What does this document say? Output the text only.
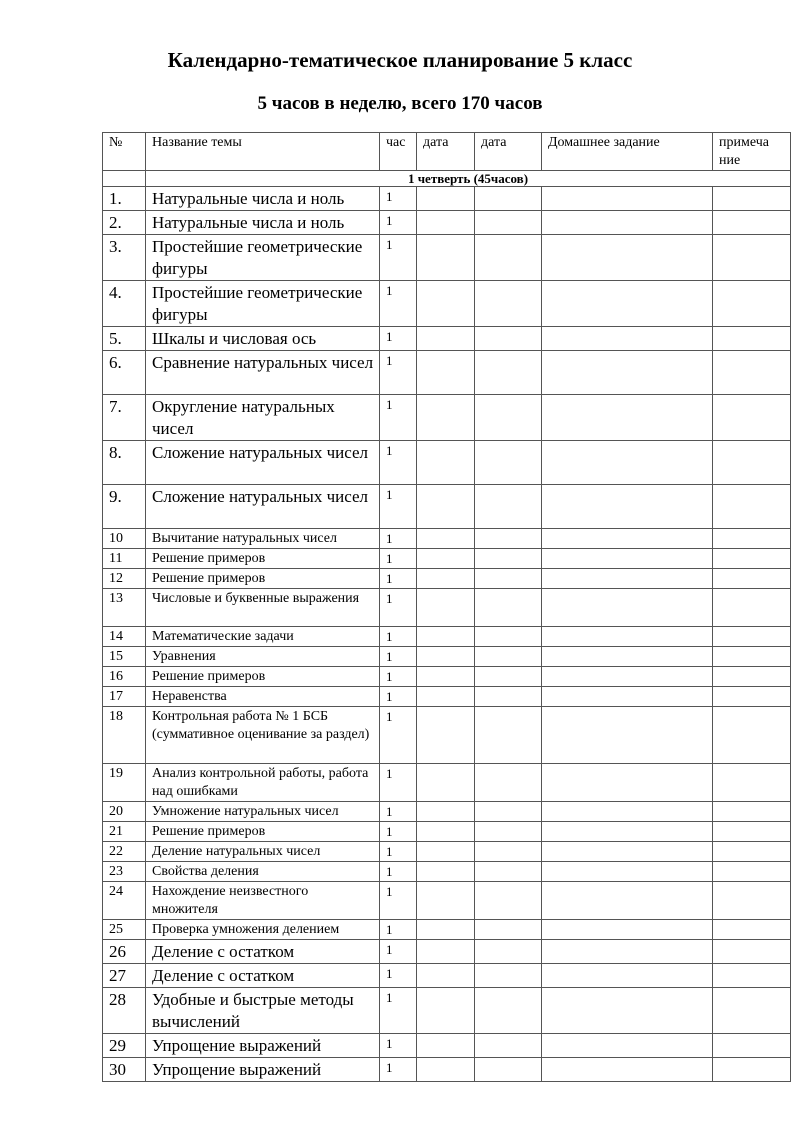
Календарно-тематическое планирование 5 класс
5 часов в неделю, всего 170 часов
№	Название темы	час	дата	дата	Домашнее задание	примеча ние
	1 четверть (45часов)					
1.	Натуральные числа и ноль	1				
2.	Натуральные числа и ноль	1				
3.	Простейшие геометрические фигуры	1				
4.	Простейшие геометрические фигуры	1				
5.	Шкалы и числовая ось	1				
6.	Сравнение натуральных чисел	1				
7.	Округление натуральных чисел	1				
8.	Сложение натуральных чисел	1				
9.	Сложение натуральных чисел	1				
10	Вычитание натуральных чисел	1				
11	Решение примеров	1				
12	Решение примеров	1				
13	Числовые и буквенные выражения	1				
14	Математические задачи	1				
15	Уравнения	1				
16	Решение примеров	1				
17	Неравенства	1				
18	Контрольная работа № 1 БСБ (суммативное оценивание за раздел)	1				
19	Анализ контрольной работы, работа над ошибками	1				
20	Умножение натуральных чисел	1				
21	Решение примеров	1				
22	Деление натуральных чисел	1				
23	Свойства деления	1				
24	Нахождение неизвестного множителя	1				
25	Проверка умножения делением	1				
26	Деление с остатком	1				
27	Деление с остатком	1				
28	Удобные и быстрые методы вычислений	1				
29	Упрощение выражений	1				
30	Упрощение выражений	1				
